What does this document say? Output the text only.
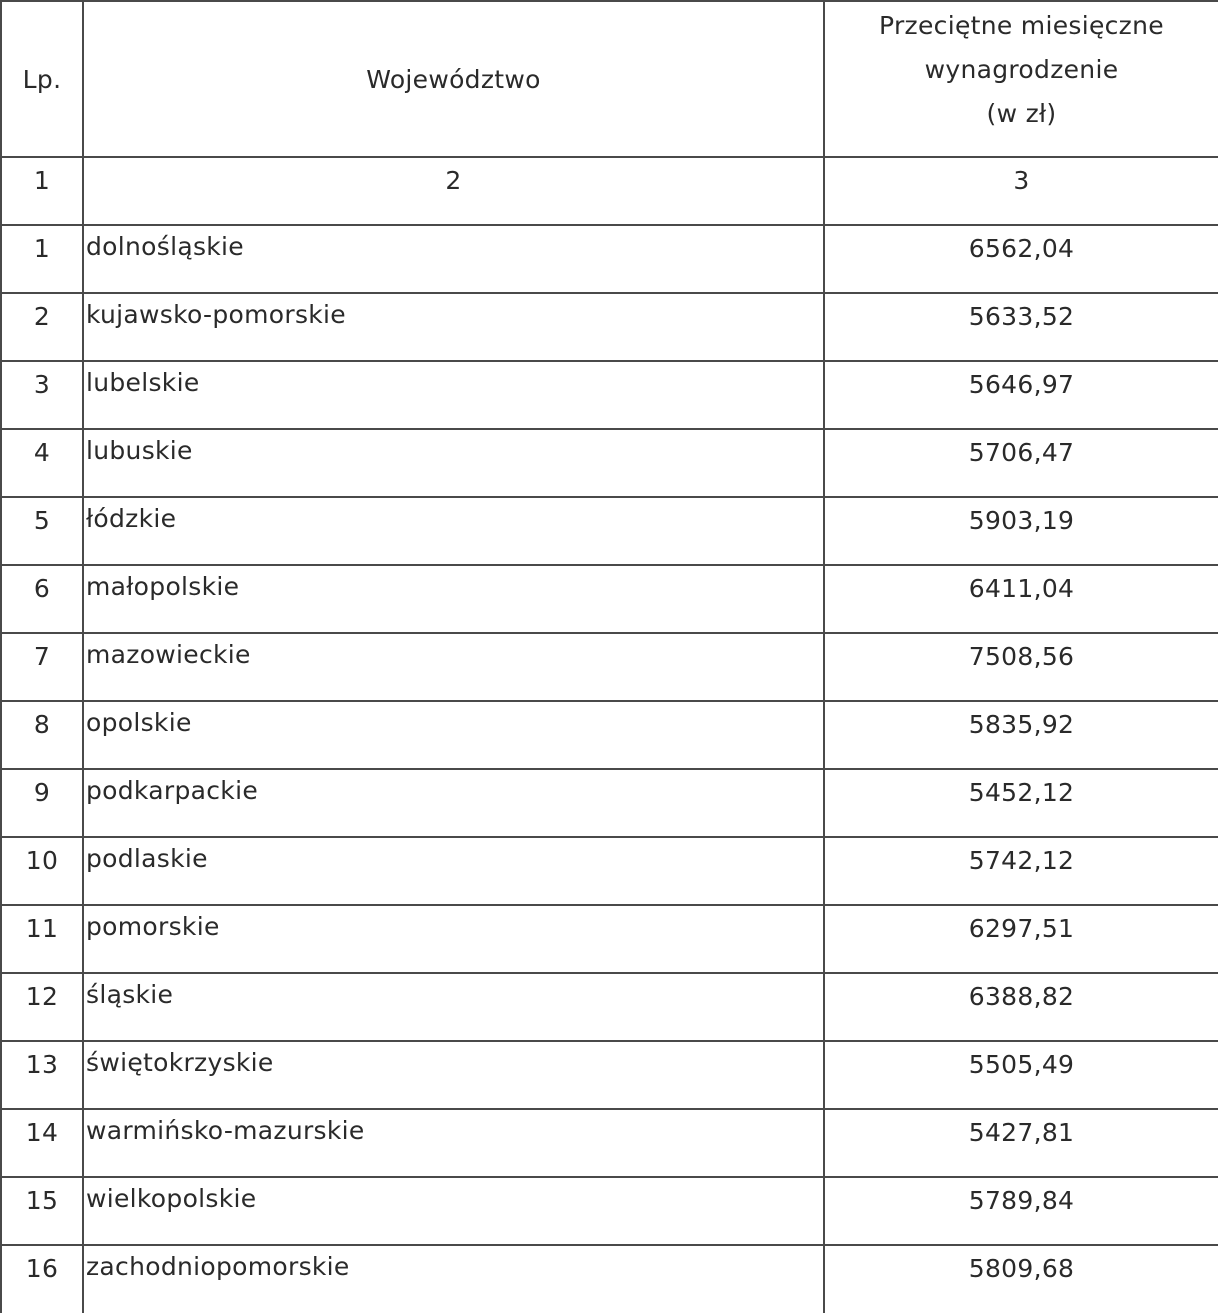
Lp.	Województwo	Przeciętne miesięczne
wynagrodzenie
(w zł)

1	2	3
1	dolnośląskie	6562,04
2	kujawsko-pomorskie	5633,52
3	lubelskie	5646,97
4	lubuskie	5706,47
5	łódzkie	5903,19
6	małopolskie	6411,04
7	mazowieckie	7508,56
8	opolskie	5835,92
9	podkarpackie	5452,12
10	podlaskie	5742,12
11	pomorskie	6297,51
12	śląskie	6388,82
13	świętokrzyskie	5505,49
14	warmińsko-mazurskie	5427,81
15	wielkopolskie	5789,84
16	zachodniopomorskie	5809,68
